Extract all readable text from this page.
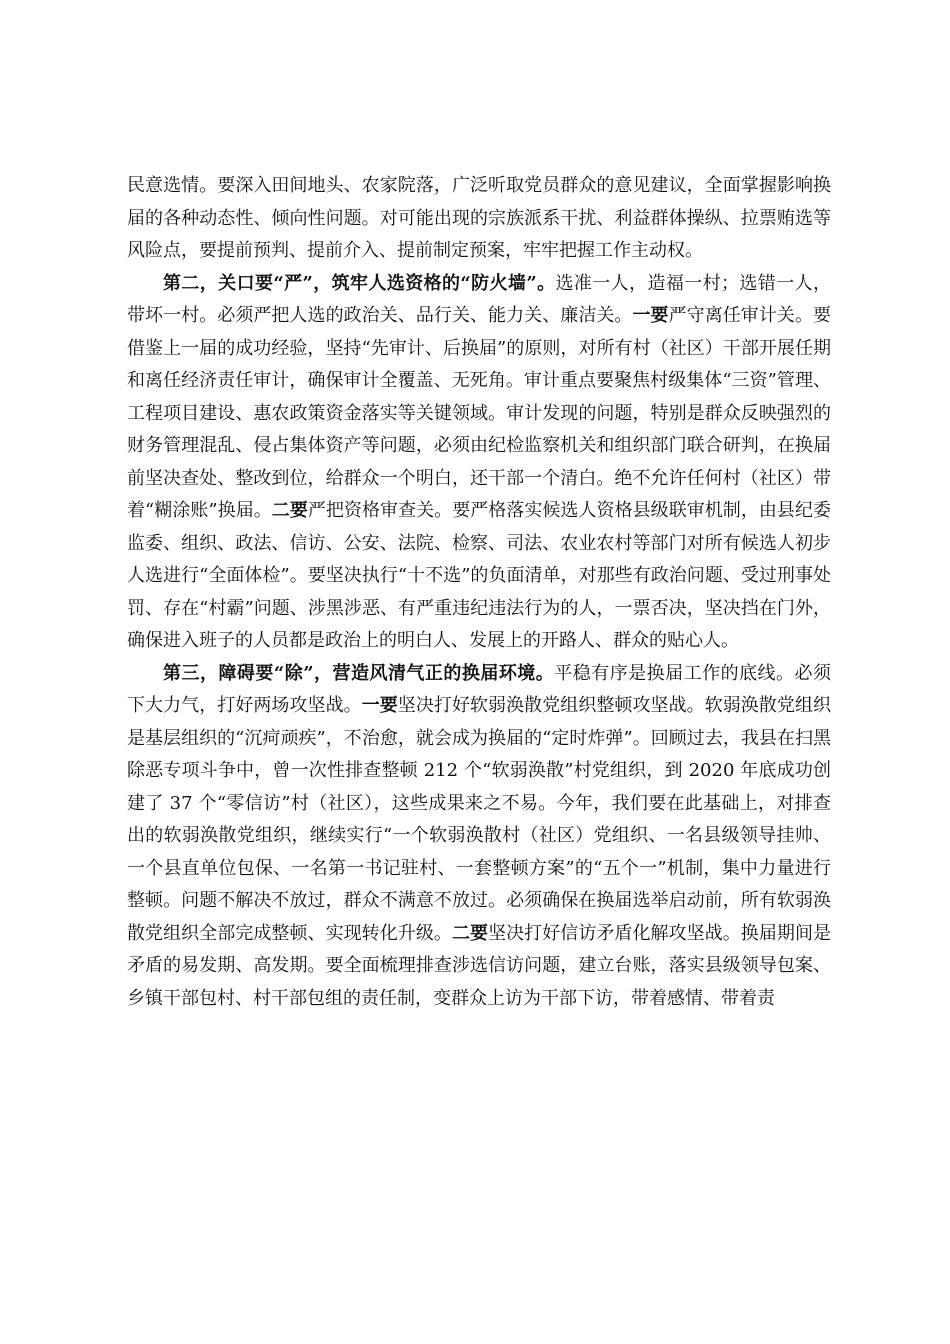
民意选情。要深入田间地头、农家院落，广泛听取党员群众的意见建议，全面掌握影响换届的各种动态性、倾向性问题。对可能出现的宗族派系干扰、利益群体操纵、拉票贿选等风险点，要提前预判、提前介入、提前制定预案，牢牢把握工作主动权。

第二，关口要“严”，筑牢人选资格的“防火墙”。选准一人，造福一村；选错一人，带坏一村。必须严把人选的政治关、品行关、能力关、廉洁关。一要严守离任审计关。要借鉴上一届的成功经验，坚持“先审计、后换届”的原则，对所有村（社区）干部开展任期和离任经济责任审计，确保审计全覆盖、无死角。审计重点要聚焦村级集体“三资”管理、工程项目建设、惠农政策资金落实等关键领域。审计发现的问题，特别是群众反映强烈的财务管理混乱、侵占集体资产等问题，必须由纪检监察机关和组织部门联合研判，在换届前坚决查处、整改到位，给群众一个明白，还干部一个清白。绝不允许任何村（社区）带着“糊涂账”换届。二要严把资格审查关。要严格落实候选人资格县级联审机制，由县纪委监委、组织、政法、信访、公安、法院、检察、司法、农业农村等部门对所有候选人初步人选进行“全面体检”。要坚决执行“十不选”的负面清单，对那些有政治问题、受过刑事处罚、存在“村霸”问题、涉黑涉恶、有严重违纪违法行为的人，一票否决，坚决挡在门外，确保进入班子的人员都是政治上的明白人、发展上的开路人、群众的贴心人。

第三，障碍要“除”，营造风清气正的换届环境。平稳有序是换届工作的底线。必须下大力气，打好两场攻坚战。一要坚决打好软弱涣散党组织整顿攻坚战。软弱涣散党组织是基层组织的“沉疴顽疾”，不治愈，就会成为换届的“定时炸弹”。回顾过去，我县在扫黑除恶专项斗争中，曾一次性排查整顿 212 个“软弱涣散”村党组织，到 2020 年底成功创建了 37 个“零信访”村（社区），这些成果来之不易。今年，我们要在此基础上，对排查出的软弱涣散党组织，继续实行“一个软弱涣散村（社区）党组织、一名县级领导挂帅、一个县直单位包保、一名第一书记驻村、一套整顿方案”的“五个一”机制，集中力量进行整顿。问题不解决不放过，群众不满意不放过。必须确保在换届选举启动前，所有软弱涣散党组织全部完成整顿、实现转化升级。二要坚决打好信访矛盾化解攻坚战。换届期间是矛盾的易发期、高发期。要全面梳理排查涉选信访问题，建立台账，落实县级领导包案、乡镇干部包村、村干部包组的责任制，变群众上访为干部下访，带着感情、带着责
